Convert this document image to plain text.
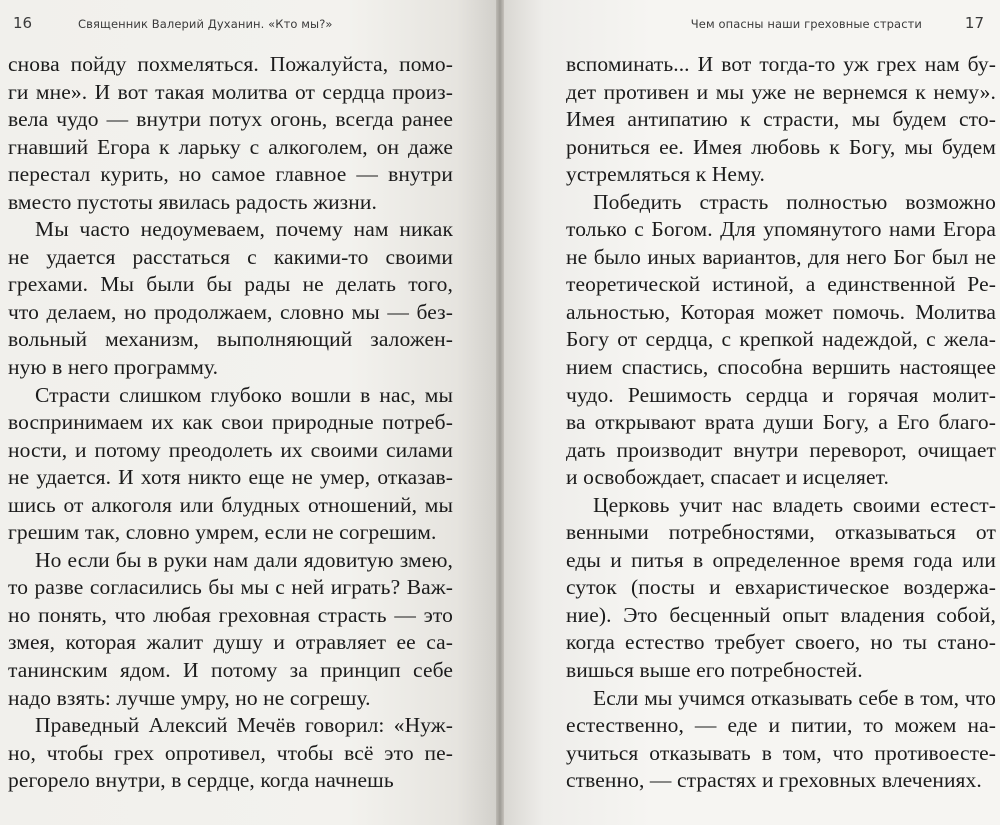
16	Священник Валерий Духанин. «Кто мы?»
снова пойду похмеляться. Пожалуйста, помо-
ги мне». И вот такая молитва от сердца произ-
вела чудо — внутри потух огонь, всегда ранее
гнавший Егора к ларьку с алкоголем, он даже
перестал курить, но самое главное — внутри
вместо пустоты явилась радость жизни.
Мы часто недоумеваем, почему нам никак
не удается расстаться с какими-то своими
грехами. Мы были бы рады не делать того,
что делаем, но продолжаем, словно мы — без-
вольный механизм, выполняющий заложен-
ную в него программу.
Страсти слишком глубоко вошли в нас, мы
воспринимаем их как свои природные потреб-
ности, и потому преодолеть их своими силами
не удается. И хотя никто еще не умер, отказав-
шись от алкоголя или блудных отношений, мы
грешим так, словно умрем, если не согрешим.
Но если бы в руки нам дали ядовитую змею,
то разве согласились бы мы с ней играть? Важ-
но понять, что любая греховная страсть — это
змея, которая жалит душу и отравляет ее са-
танинским ядом. И потому за принцип себе
надо взять: лучше умру, но не согрешу.
Праведный Алексий Мечёв говорил: «Нуж-
но, чтобы грех опротивел, чтобы всё это пе-
регорело внутри, в сердце, когда начнешь
Чем опасны наши греховные страсти	17
вспоминать... И вот тогда-то уж грех нам бу-
дет противен и мы уже не вернемся к нему».
Имея антипатию к страсти, мы будем сто-
рониться ее. Имея любовь к Богу, мы будем
устремляться к Нему.
Победить страсть полностью возможно
только с Богом. Для упомянутого нами Егора
не было иных вариантов, для него Бог был не
теоретической истиной, а единственной Ре-
альностью, Которая может помочь. Молитва
Богу от сердца, с крепкой надеждой, с жела-
нием спастись, способна вершить настоящее
чудо. Решимость сердца и горячая молит-
ва открывают врата души Богу, а Его благо-
дать производит внутри переворот, очищает
и освобождает, спасает и исцеляет.
Церковь учит нас владеть своими естест-
венными потребностями, отказываться от
еды и питья в определенное время года или
суток (посты и евхаристическое воздержа-
ние). Это бесценный опыт владения собой,
когда естество требует своего, но ты стано-
вишься выше его потребностей.
Если мы учимся отказывать себе в том, что
естественно, — еде и питии, то можем на-
учиться отказывать в том, что противоесте-
ственно, — страстях и греховных влечениях.
